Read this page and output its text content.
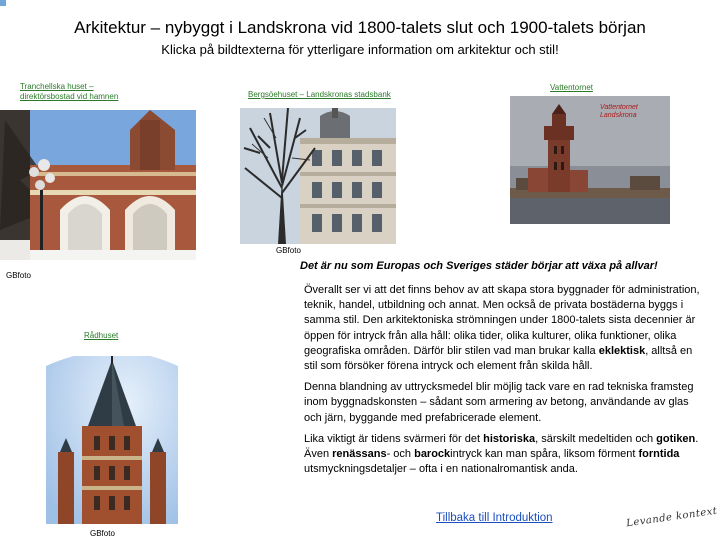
Arkitektur – nybyggt i Landskrona vid 1800-talets slut och 1900-talets början
Klicka på bildtexterna för ytterligare information om arkitektur och stil!
Tranchellska huset –
direktörsbostad vid hamnen	Bergsöehuset – Landskronas stadsbank
GBfoto
Vattentornet
Vattentornet Landskrona
GBfoto
Rådhuset
GBfoto
Det är nu som Europas och Sveriges städer börjar att växa på allvar!

Överallt ser vi att det finns behov av att skapa stora byggnader för administration, teknik, handel, utbildning och annat. Men också de privata bostäderna byggs i samma stil. Den arkitektoniska strömningen under 1800-talets sista decennier är öppen för intryck från alla håll: olika tider, olika kulturer, olika funktioner, olika geografiska områden. Därför blir stilen vad man brukar kalla eklektisk, alltså en stil som försöker förena intryck och element från skilda håll.

Denna blandning av uttrycksmedel blir möjlig tack vare en rad tekniska framsteg inom byggnadskonsten – sådant som armering av betong, användande av glas och järn, byggande med prefabricerade element.

Lika viktigt är tidens svärmeri för det historiska, särskilt medeltiden och gotiken. Även renässans- och barockintryck kan man spåra, liksom förment forntida utsmyckningsdetaljer – ofta i en nationalromantisk anda.

Tillbaka till Introduktion	Levande kontext
